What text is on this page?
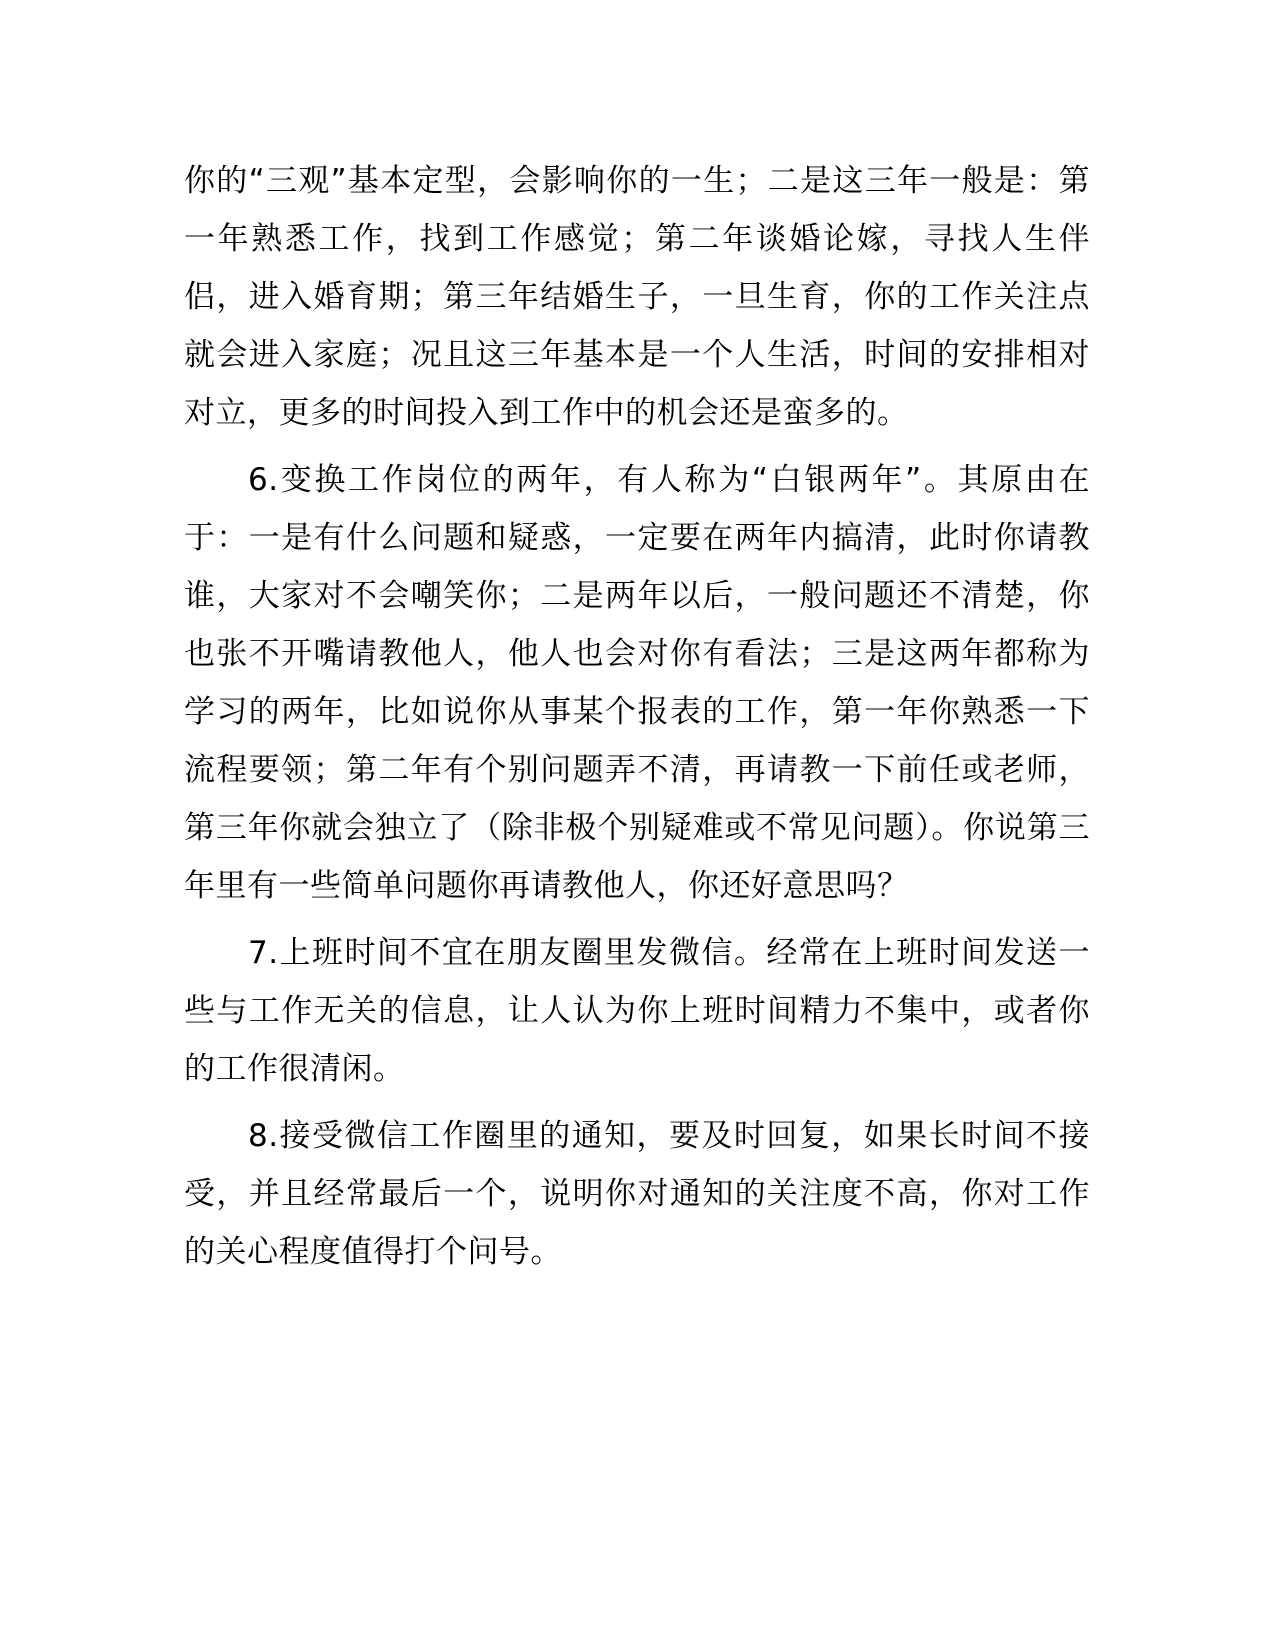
你的“三观”基本定型，会影响你的一生；二是这三年一般是：第一年熟悉工作，找到工作感觉；第二年谈婚论嫁，寻找人生伴侣，进入婚育期；第三年结婚生子，一旦生育，你的工作关注点就会进入家庭；况且这三年基本是一个人生活，时间的安排相对对立，更多的时间投入到工作中的机会还是蛮多的。

6.变换工作岗位的两年，有人称为“白银两年”。其原由在于：一是有什么问题和疑惑，一定要在两年内搞清，此时你请教谁，大家对不会嘲笑你；二是两年以后，一般问题还不清楚，你也张不开嘴请教他人，他人也会对你有看法；三是这两年都称为学习的两年，比如说你从事某个报表的工作，第一年你熟悉一下流程要领；第二年有个别问题弄不清，再请教一下前任或老师，第三年你就会独立了（除非极个别疑难或不常见问题）。你说第三年里有一些简单问题你再请教他人，你还好意思吗？

7.上班时间不宜在朋友圈里发微信。经常在上班时间发送一些与工作无关的信息，让人认为你上班时间精力不集中，或者你的工作很清闲。

8.接受微信工作圈里的通知，要及时回复，如果长时间不接受，并且经常最后一个，说明你对通知的关注度不高，你对工作的关心程度值得打个问号。
